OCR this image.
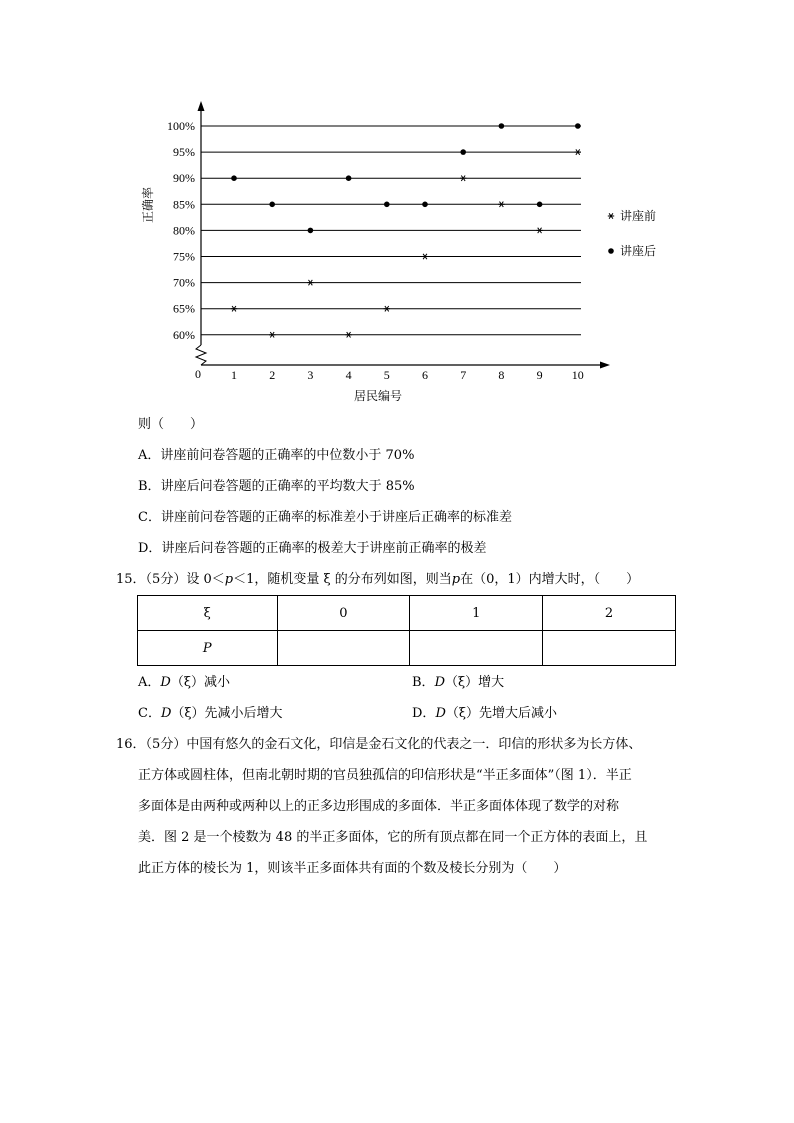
60%
65%
70%
75%
80%
85%
90%
95%
100%
1	2	3	4	5	6	7	8	9 10
讲座前
讲座后
0
居民编号
正确率
则（　　）
A．讲座前问卷答题的正确率的中位数小于 70%
B．讲座后问卷答题的正确率的平均数大于 85%
C．讲座前问卷答题的正确率的标准差小于讲座后正确率的标准差
D．讲座后问卷答题的正确率的极差大于讲座前正确率的极差
15．（5分）设 0＜p＜1，随机变量 ξ 的分布列如图，则当p在（0，1）内增大时，（　　）
ξ	0	1	2
P			
A．D（ξ）减小	B．D（ξ）增大
C．D（ξ）先减小后增大	D．D（ξ）先增大后减小
16．（5分）中国有悠久的金石文化，印信是金石文化的代表之一．印信的形状多为长方体、
正方体或圆柱体，但南北朝时期的官员独孤信的印信形状是“半正多面体”（图 1）．半正
多面体是由两种或两种以上的正多边形围成的多面体．半正多面体体现了数学的对称
美．图 2 是一个棱数为 48 的半正多面体，它的所有顶点都在同一个正方体的表面上，且
此正方体的棱长为 1，则该半正多面体共有面的个数及棱长分别为（　　）
